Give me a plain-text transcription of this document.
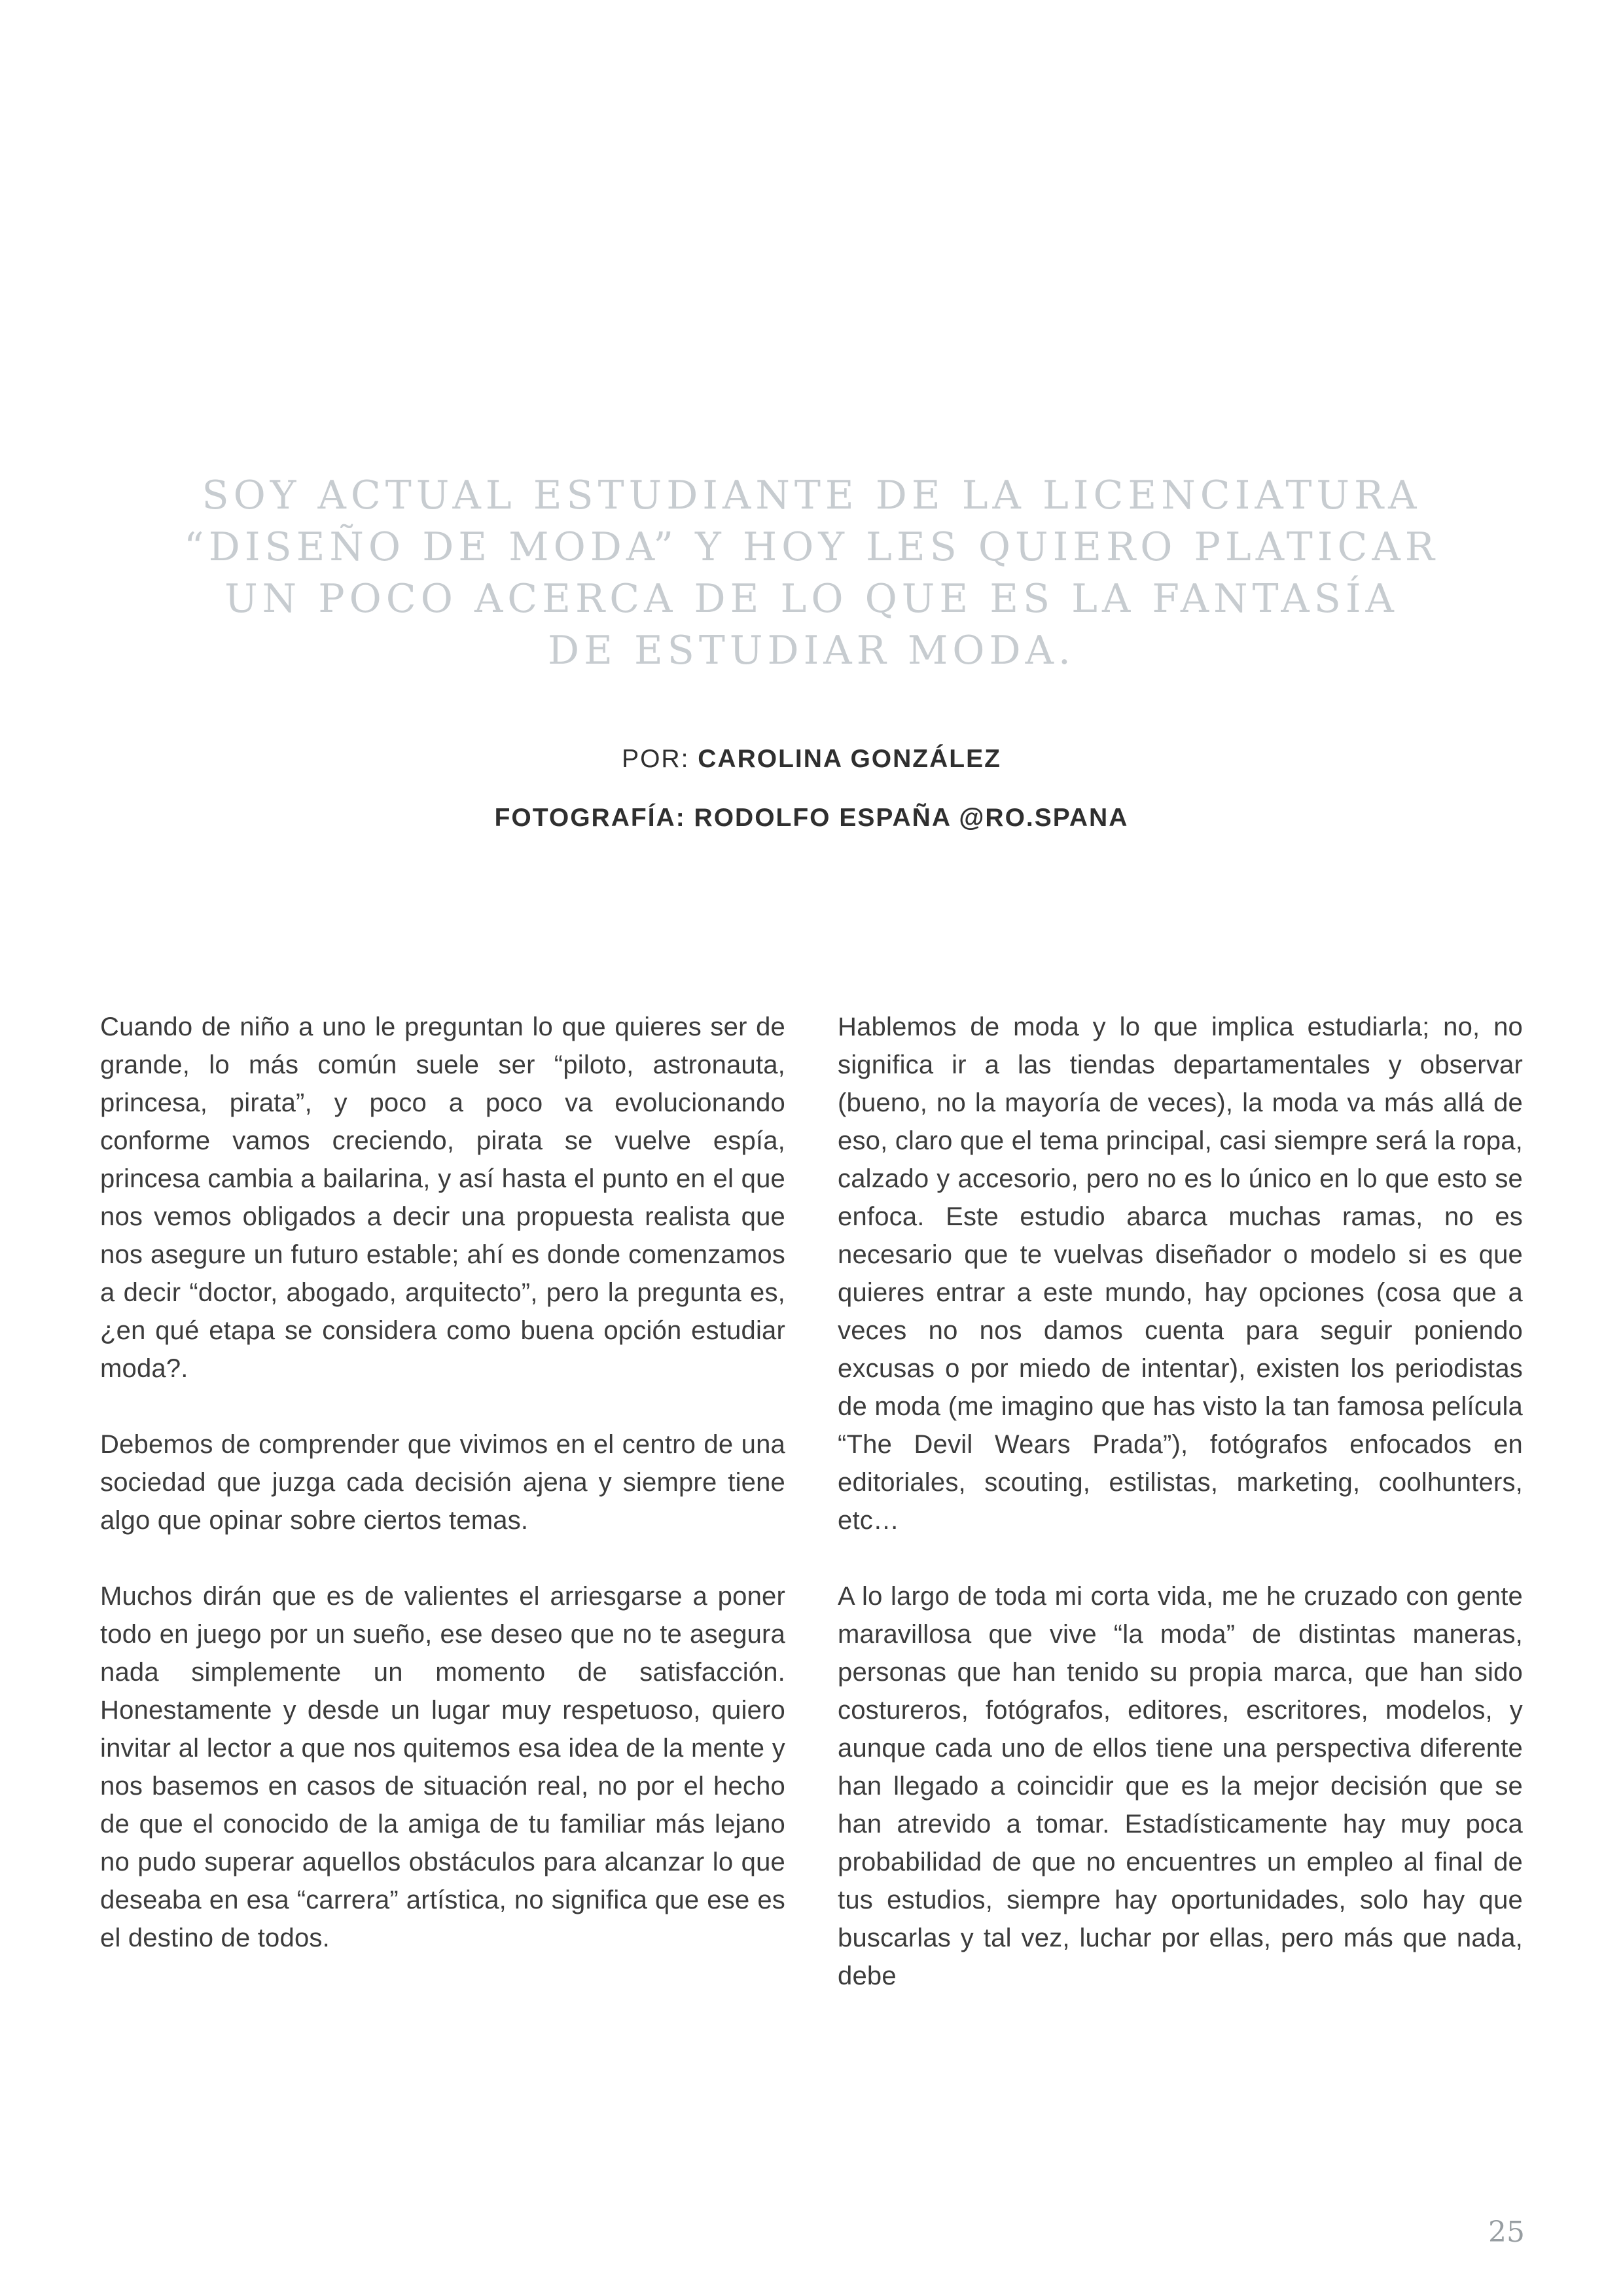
SOY ACTUAL ESTUDIANTE DE LA LICENCIATURA
“DISEÑO DE MODA” Y HOY LES QUIERO PLATICAR
UN POCO ACERCA DE LO QUE ES LA FANTASÍA
DE ESTUDIAR MODA.
POR: CAROLINA GONZÁLEZ
FOTOGRAFÍA: RODOLFO ESPAÑA @RO.SPANA

Cuando de niño a uno le preguntan lo que quieres ser de grande, lo más común suele ser “piloto, astronauta, princesa, pirata”, y poco a poco va evolucionando conforme vamos creciendo, pirata se vuelve espía, princesa cambia a bailarina, y así hasta el punto en el que nos vemos obligados a decir una propuesta realista que nos asegure un futuro estable; ahí es donde comenzamos a decir “doctor, abogado, arquitecto”, pero la pregunta es, ¿en qué etapa se considera como buena opción estudiar moda?.

Debemos de comprender que vivimos en el centro de una sociedad que juzga cada decisión ajena y siempre tiene algo que opinar sobre ciertos temas.

Muchos dirán que es de valientes el arriesgarse a poner todo en juego por un sueño, ese deseo que no te asegura nada simplemente un momento de satisfacción. Honestamente y desde un lugar muy respetuoso, quiero invitar al lector a que nos quitemos esa idea de la mente y nos basemos en casos de situación real, no por el hecho de que el conocido de la amiga de tu familiar más lejano no pudo superar aquellos obstáculos para alcanzar lo que deseaba en esa “carrera” artística, no significa que ese es el destino de todos.

Hablemos de moda y lo que implica estudiarla; no, no significa ir a las tiendas departamentales y observar (bueno, no la mayoría de veces), la moda va más allá de eso, claro que el tema principal, casi siempre será la ropa, calzado y accesorio, pero no es lo único en lo que esto se enfoca. Este estudio abarca muchas ramas, no es necesario que te vuelvas diseñador o modelo si es que quieres entrar a este mundo, hay opciones (cosa que a veces no nos damos cuenta para seguir poniendo excusas o por miedo de intentar), existen los periodistas de moda (me imagino que has visto la tan famosa película “The Devil Wears Prada”), fotógrafos enfocados en editoriales, scouting, estilistas, marketing, coolhunters, etc…

A lo largo de toda mi corta vida, me he cruzado con gente maravillosa que vive “la moda” de distintas maneras, personas que han tenido su propia marca, que han sido costureros, fotógrafos, editores, escritores, modelos, y aunque cada uno de ellos tiene una perspectiva diferente han llegado a coincidir que es la mejor decisión que se han atrevido a tomar. Estadísticamente hay muy poca probabilidad de que no encuentres un empleo al final de tus estudios, siempre hay oportunidades, solo hay que buscarlas y tal vez, luchar por ellas, pero más que nada, debe

25
